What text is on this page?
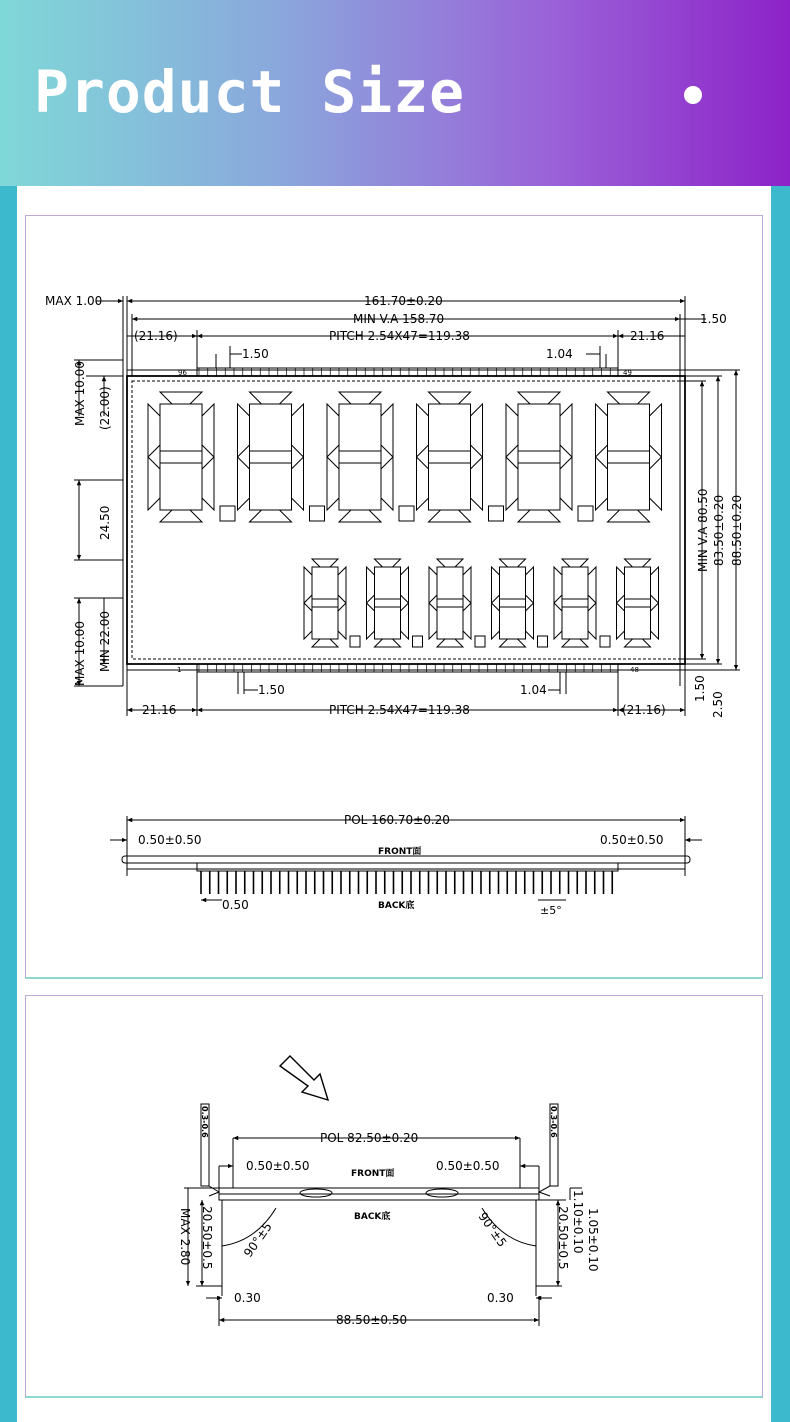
Product Size
96	49
1	48
MAX 1.00	161.70±0.20
MIN V.A 158.70	1.50
(21.16)	PITCH 2.54X47=119.38	21.16
1.50	1.04
MAX 10.00 (22.00)
24.50
MAX 10.00 MIN 22.00
1.50	1.04
21.16	PITCH 2.54X47=119.38	(21.16)
MIN V.A 80.50 83.50±0.20 88.50±0.20
1.50
2.50
POL 160.70±0.20
0.50±0.50	0.50±0.50
FRONT面
BACK底
0.50	±5°
0.3-0.6	0.3-0.6
POL 82.50±0.20
0.50±0.50	0.50±0.50
FRONT面
BACK底
MAX 2.80 20.50±0.5	20.50±0.5 1.10±0.10 1.05±0.10
90°±5	90°±5
0.30	0.30
88.50±0.50
